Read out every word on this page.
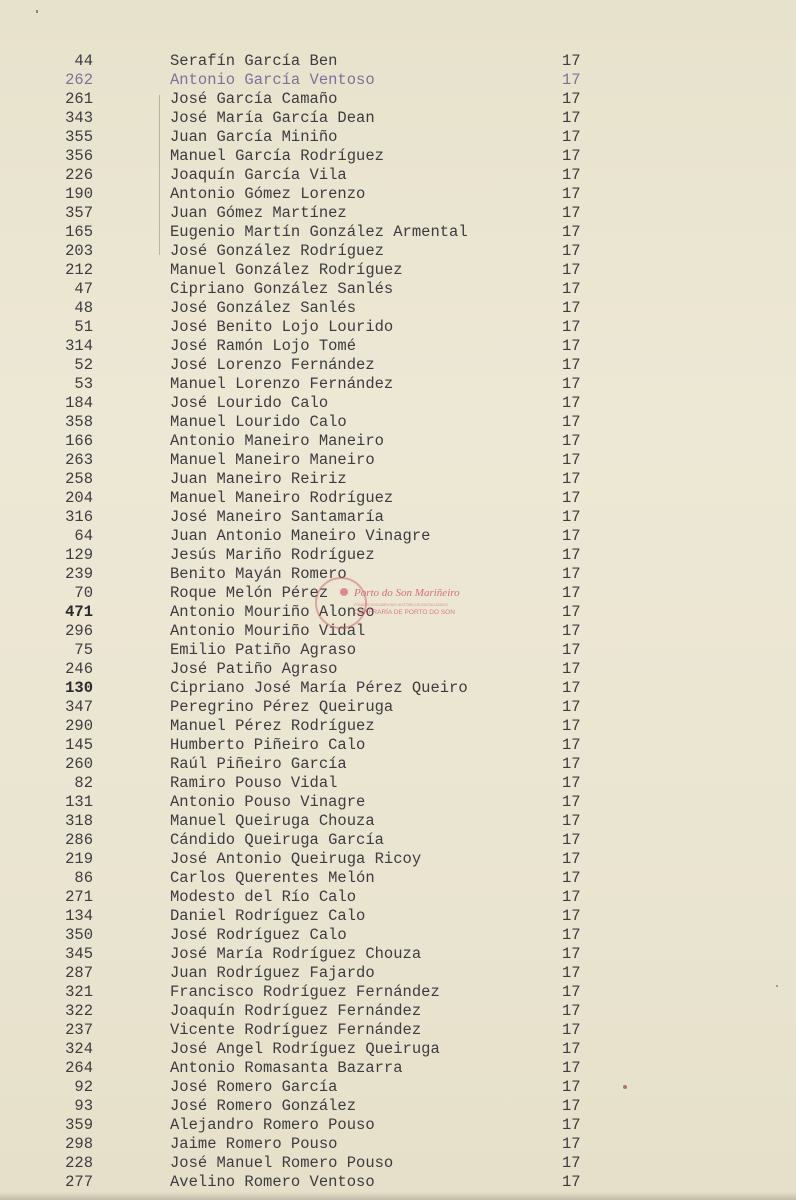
44	Serafín García Ben	17
262	Antonio García Ventoso	17
261	José García Camaño	17
343	José María García Dean	17
355	Juan García Miniño	17
356	Manuel García Rodríguez	17
226	Joaquín García Vila	17
190	Antonio Gómez Lorenzo	17
357	Juan Gómez Martínez	17
165	Eugenio Martín González Armental	17
203	José González Rodríguez	17
212	Manuel González Rodríguez	17
47	Cipriano González Sanlés	17
48	José González Sanlés	17
51	José Benito Lojo Lourido	17
314	José Ramón Lojo Tomé	17
52	José Lorenzo Fernández	17
53	Manuel Lorenzo Fernández	17
184	José Lourido Calo	17
358	Manuel Lourido Calo	17
166	Antonio Maneiro Maneiro	17
263	Manuel Maneiro Maneiro	17
258	Juan Maneiro Reiriz	17
204	Manuel Maneiro Rodríguez	17
316	José Maneiro Santamaría	17
64	Juan Antonio Maneiro Vinagre	17
129	Jesús Mariño Rodríguez	17
239	Benito Mayán Romero	17
70	Roque Melón Pérez	17
471	Antonio Mouriño Alonso	17
296	Antonio Mouriño Vidal	17
75	Emilio Patiño Agraso	17
246	José Patiño Agraso	17
130	Cipriano José María Pérez Queiro	17
347	Peregrino Pérez Queiruga	17
290	Manuel Pérez Rodríguez	17
145	Humberto Piñeiro Calo	17
260	Raúl Piñeiro García	17
82	Ramiro Pouso Vidal	17
131	Antonio Pouso Vinagre	17
318	Manuel Queiruga Chouza	17
286	Cándido Queiruga García	17
219	José Antonio Queiruga Ricoy	17
86	Carlos Querentes Melón	17
271	Modesto del Río Calo	17
134	Daniel Rodríguez Calo	17
350	José Rodríguez Calo	17
345	José María Rodríguez Chouza	17
287	Juan Rodríguez Fajardo	17
321	Francisco Rodríguez Fernández	17
322	Joaquín Rodríguez Fernández	17
237	Vicente Rodríguez Fernández	17
324	José Angel Rodríguez Queiruga	17
264	Antonio Romasanta Bazarra	17
92	José Romero García	17
93	José Romero González	17
359	Alejandro Romero Pouso	17
298	Jaime Romero Pouso	17
228	José Manuel Romero Pouso	17
277	Avelino Romero Ventoso	17
Porto do Son Mariñeiro
FONDOS DOCUMENTAIS HISTÓRICOS DIXITALIZADOS
CONFRARÍA DE PORTO DO SON
